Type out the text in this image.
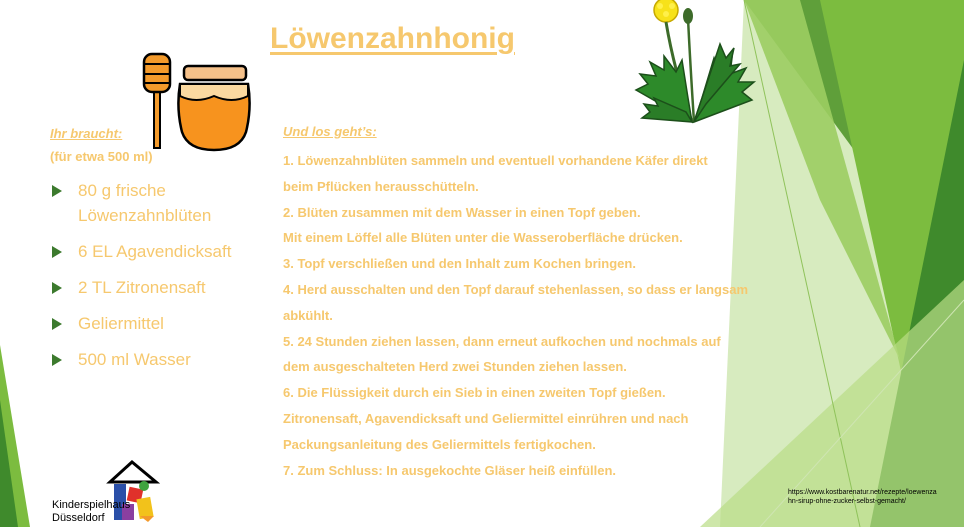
Löwenzahnhonig
Ihr braucht:
(für etwa 500 ml)
80 g frische
Löwenzahnblüten
6 EL Agavendicksaft
2 TL Zitronensaft
Geliermittel
500 ml Wasser
Und los geht’s:
1. Löwenzahnblüten sammeln und eventuell vorhandene Käfer direkt
beim Pflücken herausschütteln.
2. Blüten zusammen mit dem Wasser in einen Topf geben.
Mit einem Löffel alle Blüten unter die Wasseroberfläche drücken.
3. Topf verschließen und den Inhalt zum Kochen bringen.
4. Herd ausschalten und den Topf darauf stehenlassen, so dass er langsam
abkühlt.
5. 24 Stunden ziehen lassen, dann erneut aufkochen und nochmals auf
dem ausgeschalteten Herd zwei Stunden ziehen lassen.
6. Die Flüssigkeit durch ein Sieb in einen zweiten Topf gießen.
Zitronensaft, Agavendicksaft und Geliermittel einrühren und nach
Packungsanleitung des Geliermittels fertigkochen.
7. Zum Schluss: In ausgekochte Gläser heiß einfüllen.
Kinderspielhaus
Düsseldorf
https://www.kostbarenatur.net/rezepte/loewenzahn-sirup-ohne-zucker-selbst-gemacht/
